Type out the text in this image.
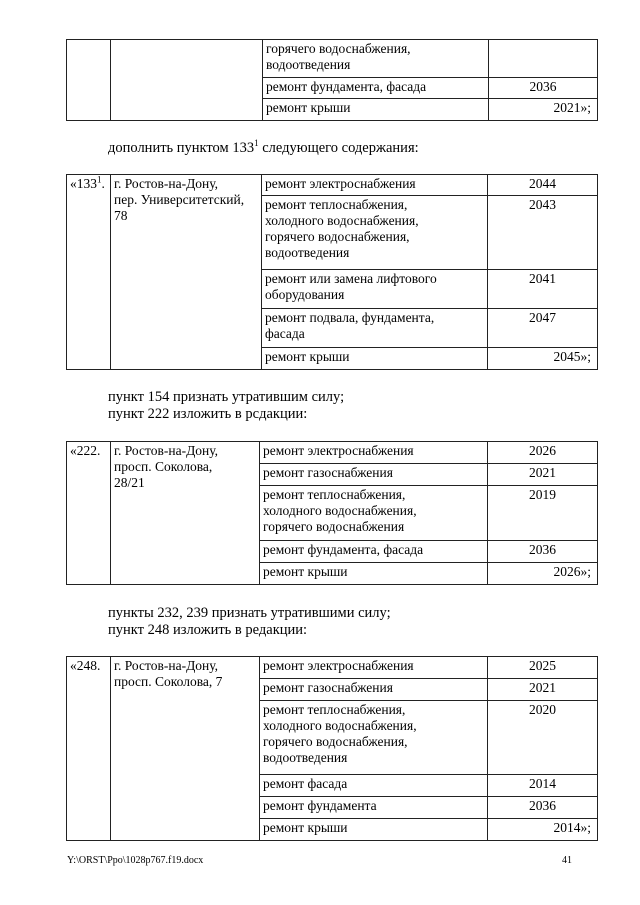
		горячего водоснабжения,
водоотведения	
		ремонт фундамента, фасада	2036
		ремонт крыши	2021»;
дополнить пунктом $133^1$ следующего содержания:
«$133^1$.	г. Ростов-на-Дону,
пер. Университетский,
78	ремонт электроснабжения	2044
		ремонт теплоснабжения,
холодного водоснабжения,
горячего водоснабжения,
водоотведения	2043
		ремонт или замена лифтового
оборудования	2041
		ремонт подвала, фундамента,
фасада	2047
		ремонт крыши	2045»;
пункт 154 признать утратившим силу;
пункт 222 изложить в рсдакции:
«222.	г. Ростов-на-Дону,
просп. Соколова,
28/21	ремонт электроснабжения	2026
		ремонт газоснабжения	2021
		ремонт теплоснабжения,
холодного водоснабжения,
горячего водоснабжения	2019
		ремонт фундамента, фасада	2036
		ремонт крыши	2026»;
пункты 232, 239 признать утратившими силу;
пункт 248 изложить в редакции:
«248.	г. Ростов-на-Дону,
просп. Соколова, 7	ремонт электроснабжения	2025
		ремонт газоснабжения	2021
		ремонт теплоснабжения,
холодного водоснабжения,
горячего водоснабжения,
водоотведения	2020
		ремонт фасада	2014
		ремонт фундамента	2036
		ремонт крыши	2014»;
Y:\ORST\Ppo\1028p767.f19.docx	41
